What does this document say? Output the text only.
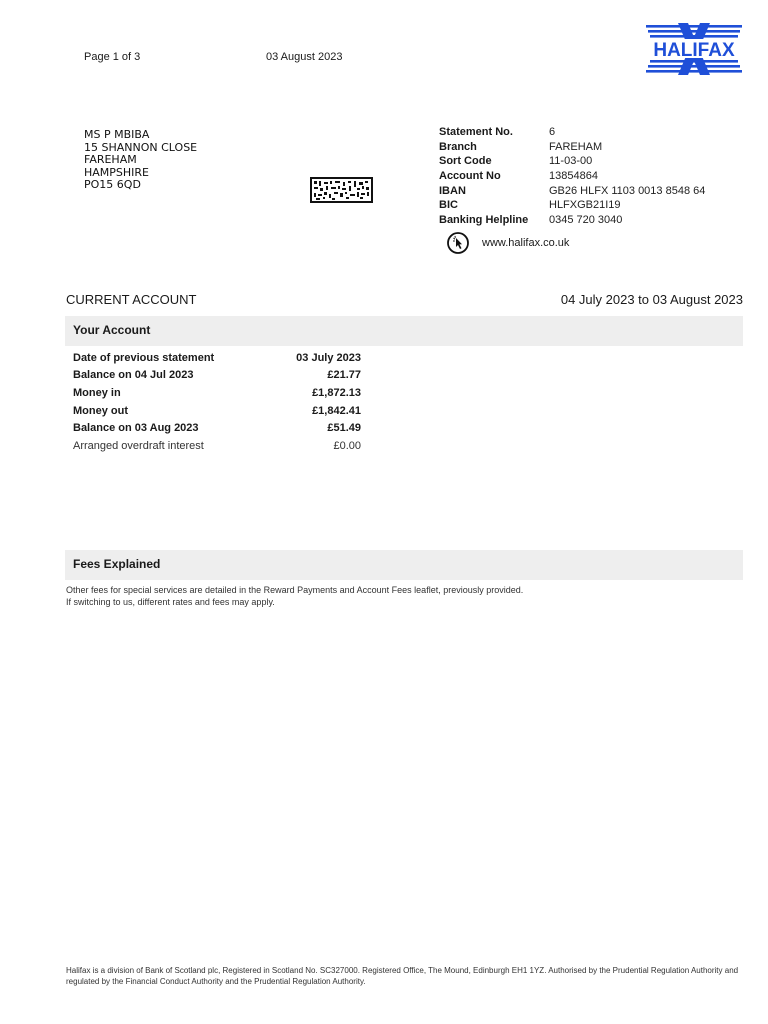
Page 1 of 3	03 August 2023	HALIFAX
MS P MBIBA
15 SHANNON CLOSE
FAREHAM
HAMPSHIRE
PO15 6QD
Statement No.	6
Branch	FAREHAM
Sort Code	11-03-00
Account No	13854864
IBAN	GB26 HLFX 1103 0013 8548 64
BIC	HLFXGB21I19
Banking Helpline	0345 720 3040
www.halifax.co.uk
CURRENT ACCOUNT	04 July 2023 to 03 August 2023
Your Account
Date of previous statement	03 July 2023
Balance on 04 Jul 2023	£21.77
Money in	£1,872.13
Money out	£1,842.41
Balance on 03 Aug 2023	£51.49
Arranged overdraft interest	£0.00
Fees Explained
Other fees for special services are detailed in the Reward Payments and Account Fees leaflet, previously provided.
If switching to us, different rates and fees may apply.
Halifax is a division of Bank of Scotland plc, Registered in Scotland No. SC327000. Registered Office, The Mound, Edinburgh EH1 1YZ. Authorised by the Prudential Regulation Authority and
regulated by the Financial Conduct Authority and the Prudential Regulation Authority.
